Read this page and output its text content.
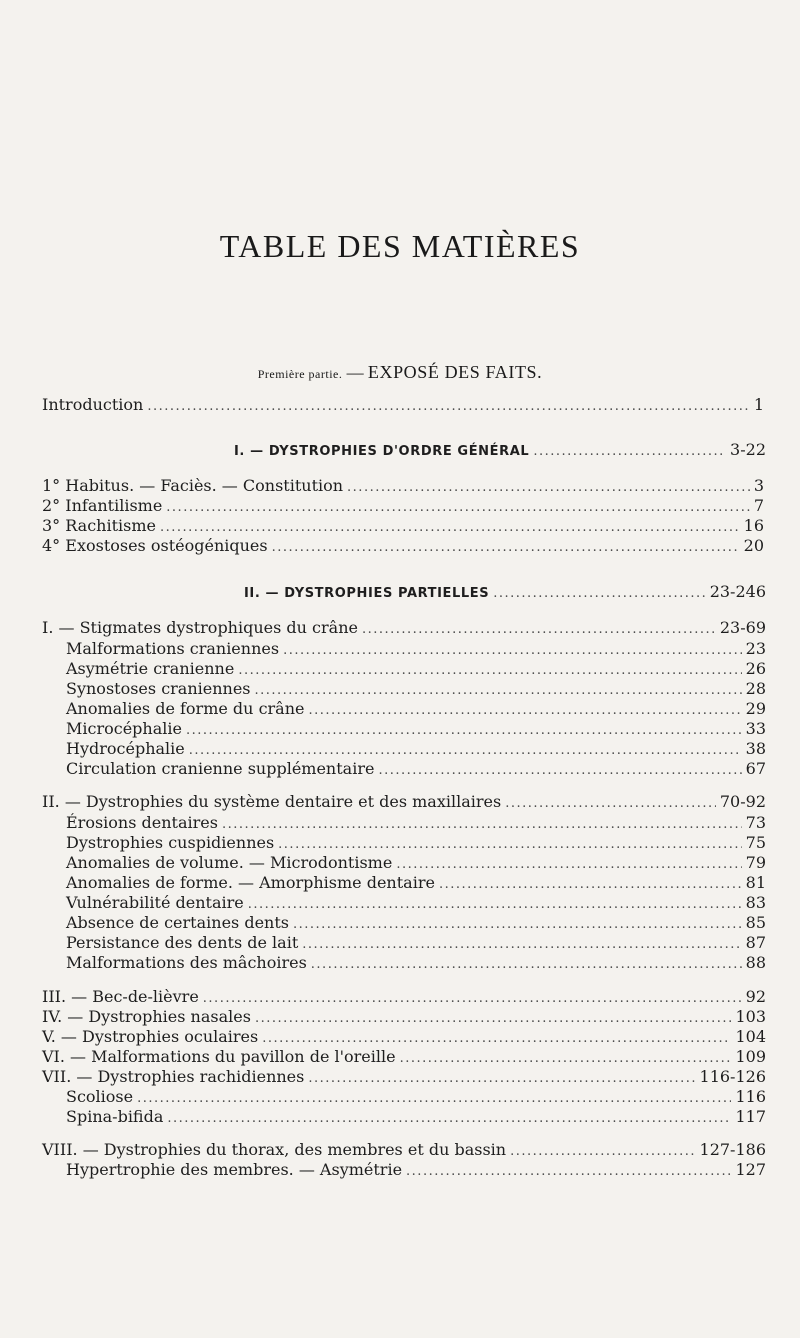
TABLE DES MATIÈRES
Première partie. — EXPOSÉ DES FAITS.
Introduction .....	1
I. — DYSTROPHIES D'ORDRE GÉNÉRAL .....	3-22
1° Habitus. — Faciès. — Constitution .....	3
2° Infantilisme .....	7
3° Rachitisme .....	16
4° Exostoses ostéogéniques .....	20
II. — DYSTROPHIES PARTIELLES .....	23-246
I. — Stigmates dystrophiques du crâne .....	23-69
Malformations craniennes .....	23
Asymétrie cranienne .....	26
Synostoses craniennes .....	28
Anomalies de forme du crâne .....	29
Microcéphalie .....	33
Hydrocéphalie .....	38
Circulation cranienne supplémentaire .....	67
II. — Dystrophies du système dentaire et des maxillaires .....	70-92
Érosions dentaires .....	73
Dystrophies cuspidiennes .....	75
Anomalies de volume. — Microdontisme .....	79
Anomalies de forme. — Amorphisme dentaire .....	81
Vulnérabilité dentaire .....	83
Absence de certaines dents .....	85
Persistance des dents de lait .....	87
Malformations des mâchoires .....	88
III. — Bec-de-lièvre .....	92
IV. — Dystrophies nasales .....	103
V. — Dystrophies oculaires .....	104
VI. — Malformations du pavillon de l'oreille .....	109
VII. — Dystrophies rachidiennes .....	116-126
Scoliose .....	116
Spina-bifida .....	117
VIII. — Dystrophies du thorax, des membres et du bassin .....	127-186
Hypertrophie des membres. — Asymétrie .....	127
